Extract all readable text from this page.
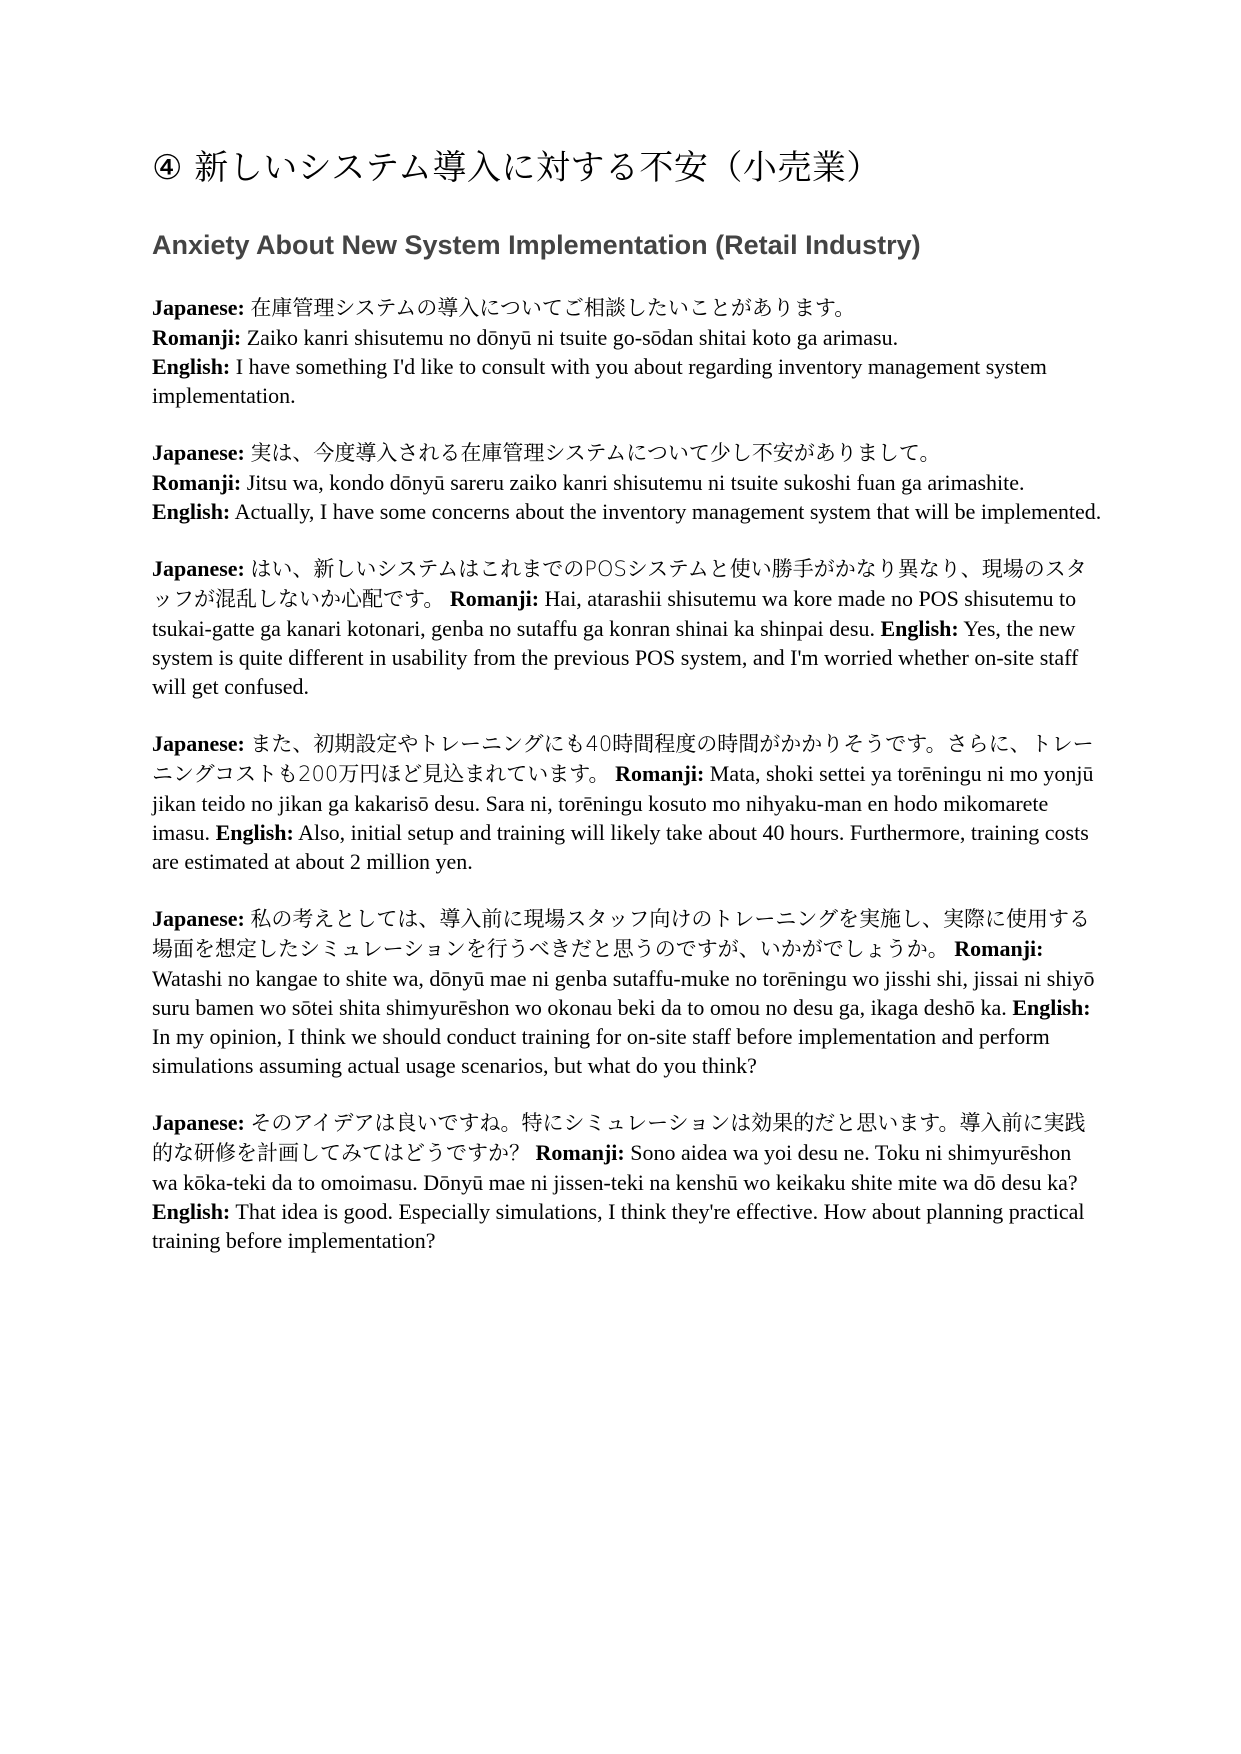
④ 新しいシステム導入に対する不安（小売業）
Anxiety About New System Implementation (Retail Industry)

Japanese: 在庫管理システムの導入についてご相談したいことがあります。
Romanji: Zaiko kanri shisutemu no dōnyū ni tsuite go-sōdan shitai koto ga arimasu.
English: I have something I'd like to consult with you about regarding inventory management system implementation.

Japanese: 実は、今度導入される在庫管理システムについて少し不安がありまして。
Romanji: Jitsu wa, kondo dōnyū sareru zaiko kanri shisutemu ni tsuite sukoshi fuan ga arimashite. English: Actually, I have some concerns about the inventory management system that will be implemented.

Japanese: はい、新しいシステムはこれまでのPOSシステムと使い勝手がかなり異なり、現場のスタッフが混乱しないか心配です。 Romanji: Hai, atarashii shisutemu wa kore made no POS shisutemu to tsukai-gatte ga kanari kotonari, genba no sutaffu ga konran shinai ka shinpai desu. English: Yes, the new system is quite different in usability from the previous POS system, and I'm worried whether on-site staff will get confused.

Japanese: また、初期設定やトレーニングにも40時間程度の時間がかかりそうです。さらに、トレーニングコストも200万円ほど見込まれています。 Romanji: Mata, shoki settei ya torēningu ni mo yonjū jikan teido no jikan ga kakarisō desu. Sara ni, torēningu kosuto mo nihyaku-man en hodo mikomarete imasu. English: Also, initial setup and training will likely take about 40 hours. Furthermore, training costs are estimated at about 2 million yen.

Japanese: 私の考えとしては、導入前に現場スタッフ向けのトレーニングを実施し、実際に使用する場面を想定したシミュレーションを行うべきだと思うのですが、いかがでしょうか。 Romanji: Watashi no kangae to shite wa, dōnyū mae ni genba sutaffu-muke no torēningu wo jisshi shi, jissai ni shiyō suru bamen wo sōtei shita shimyurēshon wo okonau beki da to omou no desu ga, ikaga deshō ka. English: In my opinion, I think we should conduct training for on-site staff before implementation and perform simulations assuming actual usage scenarios, but what do you think?

Japanese: そのアイデアは良いですね。特にシミュレーションは効果的だと思います。導入前に実践的な研修を計画してみてはどうですか？ Romanji: Sono aidea wa yoi desu ne. Toku ni shimyurēshon wa kōka-teki da to omoimasu. Dōnyū mae ni jissen-teki na kenshū wo keikaku shite mite wa dō desu ka? English: That idea is good. Especially simulations, I think they're effective. How about planning practical training before implementation?
